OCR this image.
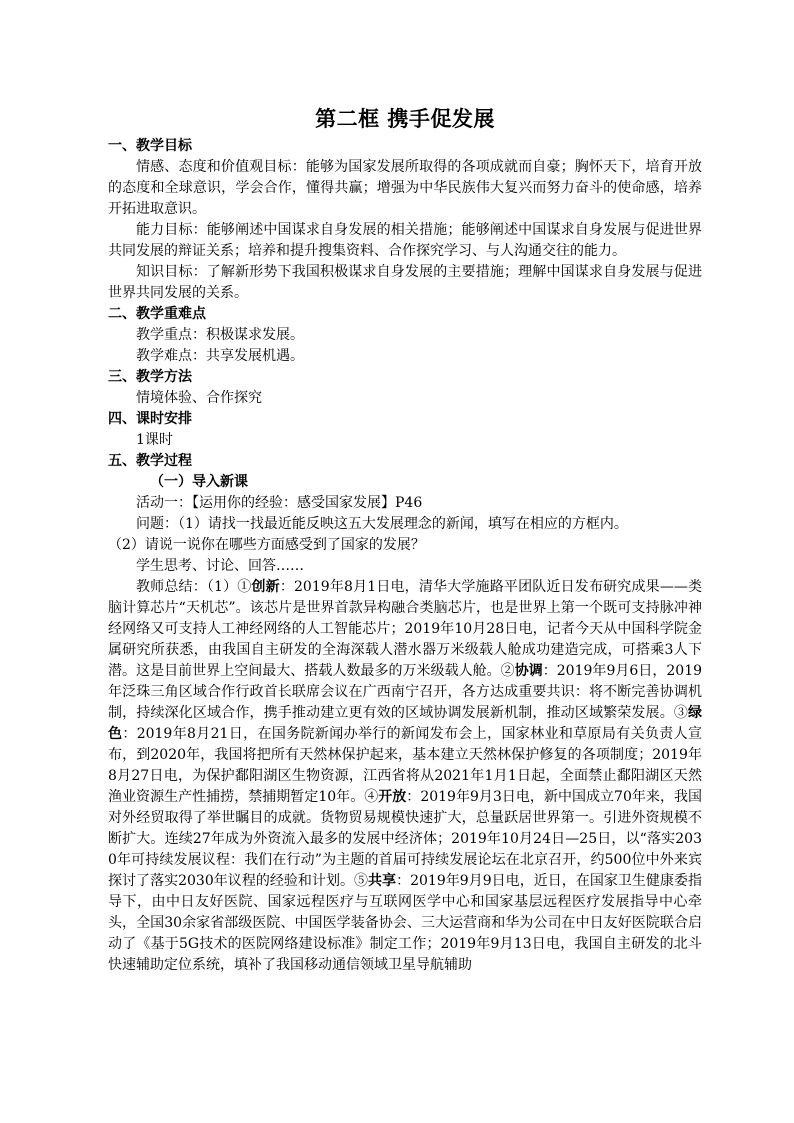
第二框 携手促发展
一、教学目标

情感、态度和价值观目标：能够为国家发展所取得的各项成就而自豪；胸怀天下，培育开放的态度和全球意识，学会合作，懂得共赢；增强为中华民族伟大复兴而努力奋斗的使命感，培养开拓进取意识。

能力目标：能够阐述中国谋求自身发展的相关措施；能够阐述中国谋求自身发展与促进世界共同发展的辩证关系；培养和提升搜集资料、合作探究学习、与人沟通交往的能力。

知识目标：了解新形势下我国积极谋求自身发展的主要措施；理解中国谋求自身发展与促进世界共同发展的关系。

二、教学重难点

教学重点：积极谋求发展。

教学难点：共享发展机遇。

三、教学方法

情境体验、合作探究

四、课时安排

1课时

五、教学过程
（一）导入新课

活动一：【运用你的经验：感受国家发展】P46

问题：（1）请找一找最近能反映这五大发展理念的新闻，填写在相应的方框内。

（2）请说一说你在哪些方面感受到了国家的发展？

学生思考、讨论、回答……

教师总结：（1）①创新：2019年8月1日电，清华大学施路平团队近日发布研究成果——类脑计算芯片“天机芯”。该芯片是世界首款异构融合类脑芯片，也是世界上第一个既可支持脉冲神经网络又可支持人工神经网络的人工智能芯片；2019年10月28日电，记者今天从中国科学院金属研究所获悉，由我国自主研发的全海深载人潜水器万米级载人舱成功建造完成，可搭乘3人下潜。这是目前世界上空间最大、搭载人数最多的万米级载人舱。②协调：2019年9月6日，2019年泛珠三角区域合作行政首长联席会议在广西南宁召开，各方达成重要共识：将不断完善协调机制，持续深化区域合作，携手推动建立更有效的区域协调发展新机制，推动区域繁荣发展。③绿色：2019年8月21日，在国务院新闻办举行的新闻发布会上，国家林业和草原局有关负责人宣布，到2020年，我国将把所有天然林保护起来，基本建立天然林保护修复的各项制度；2019年8月27日电，为保护鄱阳湖区生物资源，江西省将从2021年1月1日起，全面禁止鄱阳湖区天然渔业资源生产性捕捞，禁捕期暂定10年。④开放：2019年9月3日电，新中国成立70年来，我国对外经贸取得了举世瞩目的成就。货物贸易规模快速扩大，总量跃居世界第一。引进外资规模不断扩大。连续27年成为外资流入最多的发展中经济体；2019年10月24日—25日，以“落实2030年可持续发展议程：我们在行动”为主题的首届可持续发展论坛在北京召开，约500位中外来宾探讨了落实2030年议程的经验和计划。⑤共享：2019年9月9日电，近日，在国家卫生健康委指导下，由中日友好医院、国家远程医疗与互联网医学中心和国家基层远程医疗发展指导中心牵头，全国30余家省部级医院、中国医学装备协会、三大运营商和华为公司在中日友好医院联合启动了《基于5G技术的医院网络建设标准》制定工作；2019年9月13日电，我国自主研发的北斗快速辅助定位系统，填补了我国移动通信领域卫星导航辅助
